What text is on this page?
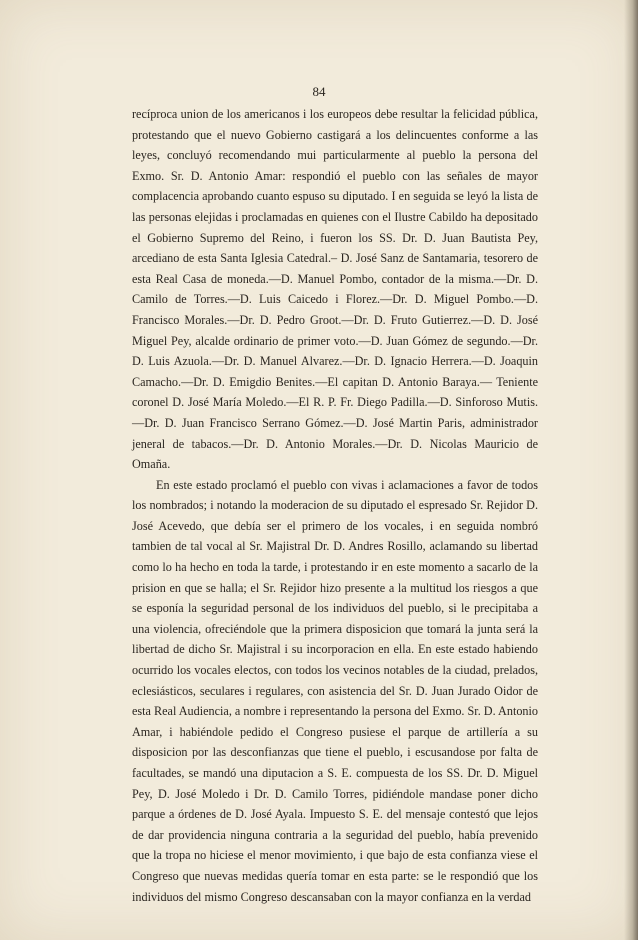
84

recíproca union de los americanos i los europeos debe resultar la felicidad pública, protestando que el nuevo Gobierno castigará a los delincuentes conforme a las leyes, concluyó recomendando mui particularmente al pueblo la persona del Exmo. Sr. D. Antonio Amar: respondió el pueblo con las señales de mayor complacencia aprobando cuanto espuso su diputado. I en seguida se leyó la lista de las personas elejidas i proclamadas en quienes con el Ilustre Cabildo ha depositado el Gobierno Supremo del Reino, i fueron los SS. Dr. D. Juan Bautista Pey, arcediano de esta Santa Iglesia Catedral.– D. José Sanz de Santamaria, tesorero de esta Real Casa de moneda.—D. Manuel Pombo, contador de la misma.—Dr. D. Camilo de Torres.—D. Luis Caicedo i Florez.—Dr. D. Miguel Pombo.—D. Francisco Morales.—Dr. D. Pedro Groot.—Dr. D. Fruto Gutierrez.—D. D. José Miguel Pey, alcalde ordinario de primer voto.—D. Juan Gómez de segundo.—Dr. D. Luis Azuola.—Dr. D. Manuel Alvarez.—Dr. D. Ignacio Herrera.—D. Joaquin Camacho.—Dr. D. Emigdio Benites.—El capitan D. Antonio Baraya.— Teniente coronel D. José María Moledo.—El R. P. Fr. Diego Padilla.—D. Sinforoso Mutis.—Dr. D. Juan Francisco Serrano Gómez.—D. José Martin Paris, administrador jeneral de tabacos.—Dr. D. Antonio Morales.—Dr. D. Nicolas Mauricio de Omaña.

En este estado proclamó el pueblo con vivas i aclamaciones a favor de todos los nombrados; i notando la moderacion de su diputado el espresado Sr. Rejidor D. José Acevedo, que debía ser el primero de los vocales, i en seguida nombró tambien de tal vocal al Sr. Majistral Dr. D. Andres Rosillo, aclamando su libertad como lo ha hecho en toda la tarde, i protestando ir en este momento a sacarlo de la prision en que se halla; el Sr. Rejidor hizo presente a la multitud los riesgos a que se esponía la seguridad personal de los individuos del pueblo, si le precipitaba a una violencia, ofreciéndole que la primera disposicion que tomará la junta será la libertad de dicho Sr. Majistral i su incorporacion en ella. En este estado habiendo ocurrido los vocales electos, con todos los vecinos notables de la ciudad, prelados, eclesiásticos, seculares i regulares, con asistencia del Sr. D. Juan Jurado Oidor de esta Real Audiencia, a nombre i representando la persona del Exmo. Sr. D. Antonio Amar, i habiéndole pedido el Congreso pusiese el parque de artillería a su disposicion por las desconfianzas que tiene el pueblo, i escusandose por falta de facultades, se mandó una diputacion a S. E. compuesta de los SS. Dr. D. Miguel Pey, D. José Moledo i Dr. D. Camilo Torres, pidiéndole mandase poner dicho parque a órdenes de D. José Ayala. Impuesto S. E. del mensaje contestó que lejos de dar providencia ninguna contraria a la seguridad del pueblo, había prevenido que la tropa no hiciese el menor movimiento, i que bajo de esta confianza viese el Congreso que nuevas medidas quería tomar en esta parte: se le respondió que los individuos del mismo Congreso descansaban con la mayor confianza en la verdad
